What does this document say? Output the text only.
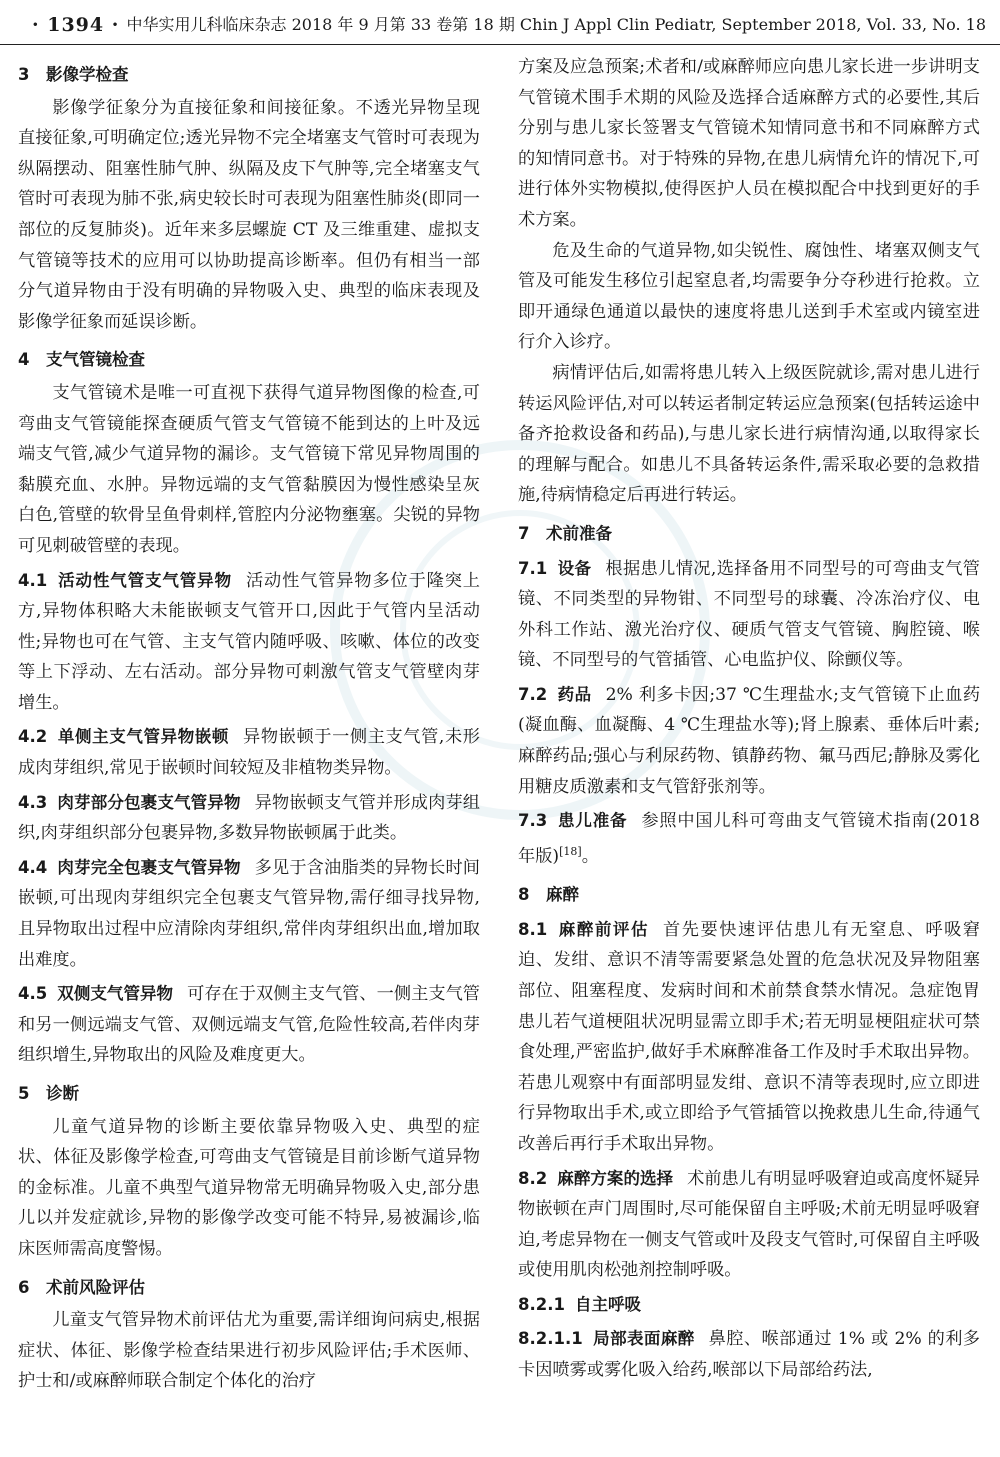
· 1394 · 中华实用儿科临床杂志 2018 年 9 月第 33 卷第 18 期 Chin J Appl Clin Pediatr, September 2018, Vol. 33, No. 18
3 影像学检查

影像学征象分为直接征象和间接征象。不透光异物呈现直接征象,可明确定位;透光异物不完全堵塞支气管时可表现为纵隔摆动、阻塞性肺气肿、纵隔及皮下气肿等,完全堵塞支气管时可表现为肺不张,病史较长时可表现为阻塞性肺炎(即同一部位的反复肺炎)。近年来多层螺旋 CT 及三维重建、虚拟支气管镜等技术的应用可以协助提高诊断率。但仍有相当一部分气道异物由于没有明确的异物吸入史、典型的临床表现及影像学征象而延误诊断。

4 支气管镜检查

支气管镜术是唯一可直视下获得气道异物图像的检查,可弯曲支气管镜能探查硬质气管支气管镜不能到达的上叶及远端支气管,减少气道异物的漏诊。支气管镜下常见异物周围的黏膜充血、水肿。异物远端的支气管黏膜因为慢性感染呈灰白色,管壁的软骨呈鱼骨刺样,管腔内分泌物壅塞。尖锐的异物可见刺破管壁的表现。

4.1 活动性气管支气管异物 活动性气管异物多位于隆突上方,异物体积略大未能嵌顿支气管开口,因此于气管内呈活动性;异物也可在气管、主支气管内随呼吸、咳嗽、体位的改变等上下浮动、左右活动。部分异物可刺激气管支气管壁肉芽增生。

4.2 单侧主支气管异物嵌顿 异物嵌顿于一侧主支气管,未形成肉芽组织,常见于嵌顿时间较短及非植物类异物。

4.3 肉芽部分包裹支气管异物 异物嵌顿支气管并形成肉芽组织,肉芽组织部分包裹异物,多数异物嵌顿属于此类。

4.4 肉芽完全包裹支气管异物 多见于含油脂类的异物长时间嵌顿,可出现肉芽组织完全包裹支气管异物,需仔细寻找异物,且异物取出过程中应清除肉芽组织,常伴肉芽组织出血,增加取出难度。

4.5 双侧支气管异物 可存在于双侧主支气管、一侧主支气管和另一侧远端支气管、双侧远端支气管,危险性较高,若伴肉芽组织增生,异物取出的风险及难度更大。

5 诊断

儿童气道异物的诊断主要依靠异物吸入史、典型的症状、体征及影像学检查,可弯曲支气管镜是目前诊断气道异物的金标准。儿童不典型气道异物常无明确异物吸入史,部分患儿以并发症就诊,异物的影像学改变可能不特异,易被漏诊,临床医师需高度警惕。

6 术前风险评估

儿童支气管异物术前评估尤为重要,需详细询问病史,根据症状、体征、影像学检查结果进行初步风险评估;手术医师、护士和/或麻醉师联合制定个体化的治疗

方案及应急预案;术者和/或麻醉师应向患儿家长进一步讲明支气管镜术围手术期的风险及选择合适麻醉方式的必要性,其后分别与患儿家长签署支气管镜术知情同意书和不同麻醉方式的知情同意书。对于特殊的异物,在患儿病情允许的情况下,可进行体外实物模拟,使得医护人员在模拟配合中找到更好的手术方案。

危及生命的气道异物,如尖锐性、腐蚀性、堵塞双侧支气管及可能发生移位引起窒息者,均需要争分夺秒进行抢救。立即开通绿色通道以最快的速度将患儿送到手术室或内镜室进行介入诊疗。

病情评估后,如需将患儿转入上级医院就诊,需对患儿进行转运风险评估,对可以转运者制定转运应急预案(包括转运途中备齐抢救设备和药品),与患儿家长进行病情沟通,以取得家长的理解与配合。如患儿不具备转运条件,需采取必要的急救措施,待病情稳定后再进行转运。

7 术前准备

7.1 设备 根据患儿情况,选择备用不同型号的可弯曲支气管镜、不同类型的异物钳、不同型号的球囊、冷冻治疗仪、电外科工作站、激光治疗仪、硬质气管支气管镜、胸腔镜、喉镜、不同型号的气管插管、心电监护仪、除颤仪等。

7.2 药品 2% 利多卡因;37 ℃生理盐水;支气管镜下止血药(凝血酶、血凝酶、4 ℃生理盐水等);肾上腺素、垂体后叶素;麻醉药品;强心与利尿药物、镇静药物、氟马西尼;静脉及雾化用糖皮质激素和支气管舒张剂等。

7.3 患儿准备 参照中国儿科可弯曲支气管镜术指南(2018 年版)[18]。

8 麻醉

8.1 麻醉前评估 首先要快速评估患儿有无窒息、呼吸窘迫、发绀、意识不清等需要紧急处置的危急状况及异物阻塞部位、阻塞程度、发病时间和术前禁食禁水情况。急症饱胃患儿若气道梗阻状况明显需立即手术;若无明显梗阻症状可禁食处理,严密监护,做好手术麻醉准备工作及时手术取出异物。若患儿观察中有面部明显发绀、意识不清等表现时,应立即进行异物取出手术,或立即给予气管插管以挽救患儿生命,待通气改善后再行手术取出异物。

8.2 麻醉方案的选择 术前患儿有明显呼吸窘迫或高度怀疑异物嵌顿在声门周围时,尽可能保留自主呼吸;术前无明显呼吸窘迫,考虑异物在一侧支气管或叶及段支气管时,可保留自主呼吸或使用肌肉松弛剂控制呼吸。

8.2.1 自主呼吸

8.2.1.1 局部表面麻醉 鼻腔、喉部通过 1% 或 2% 的利多卡因喷雾或雾化吸入给药,喉部以下局部给药法,
